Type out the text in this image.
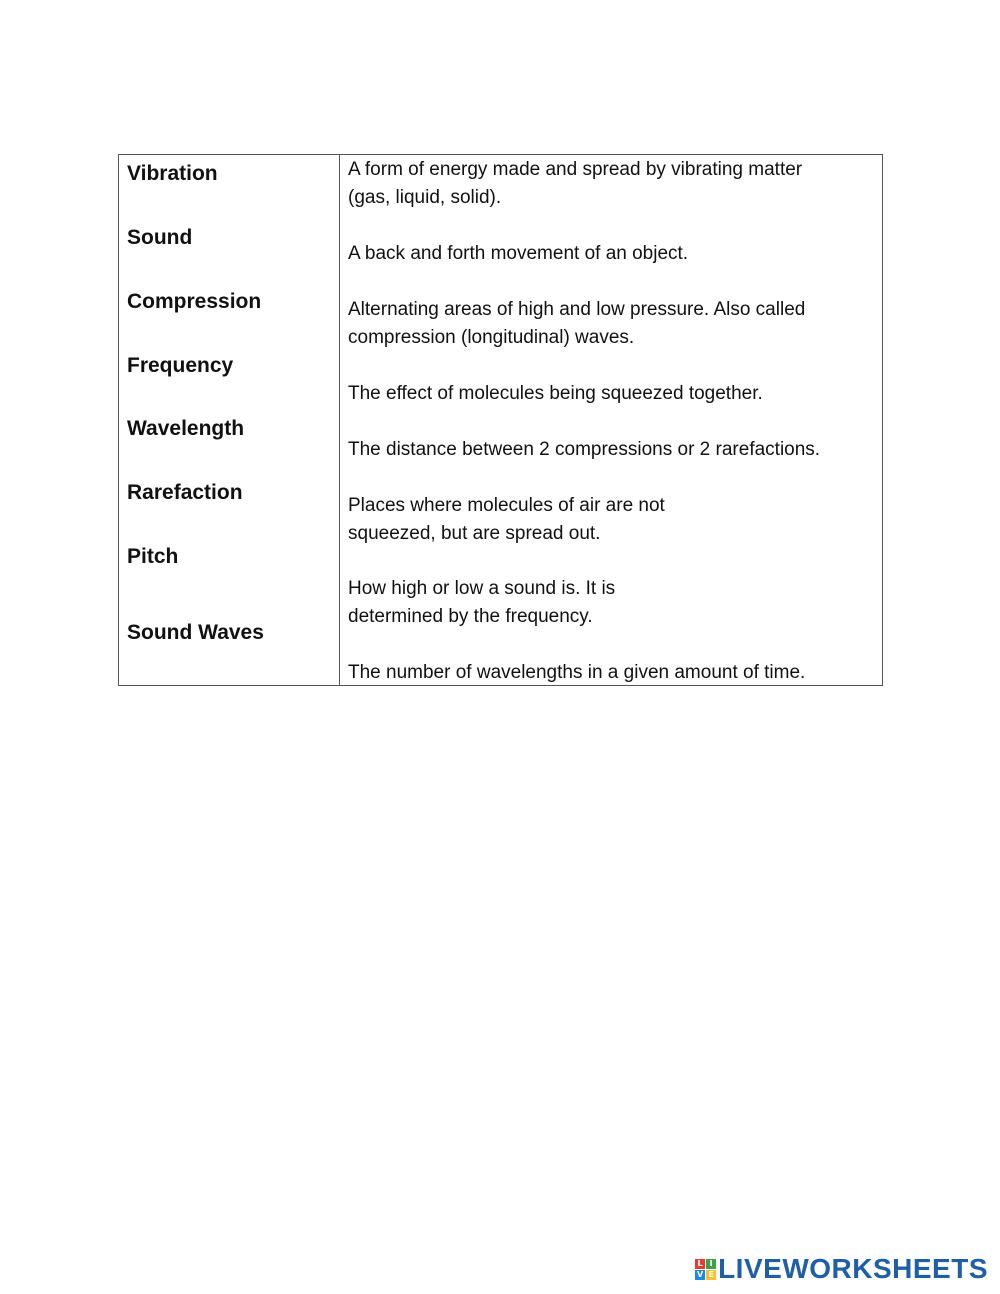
Vibration
Sound
Compression
Frequency
Wavelength
Rarefaction
Pitch
Sound Waves
A form of energy made and spread by vibrating matter
(gas, liquid, solid).
A back and forth movement of an object.
Alternating areas of high and low pressure. Also called
compression (longitudinal) waves.
The effect of molecules being squeezed together.
The distance between 2 compressions or 2 rarefactions.
Places where molecules of air are not
squeezed, but are spread out.
How high or low a sound is. It is
determined by the frequency.
The number of wavelengths in a given amount of time.
L I
V E LIVEWORKSHEETS
